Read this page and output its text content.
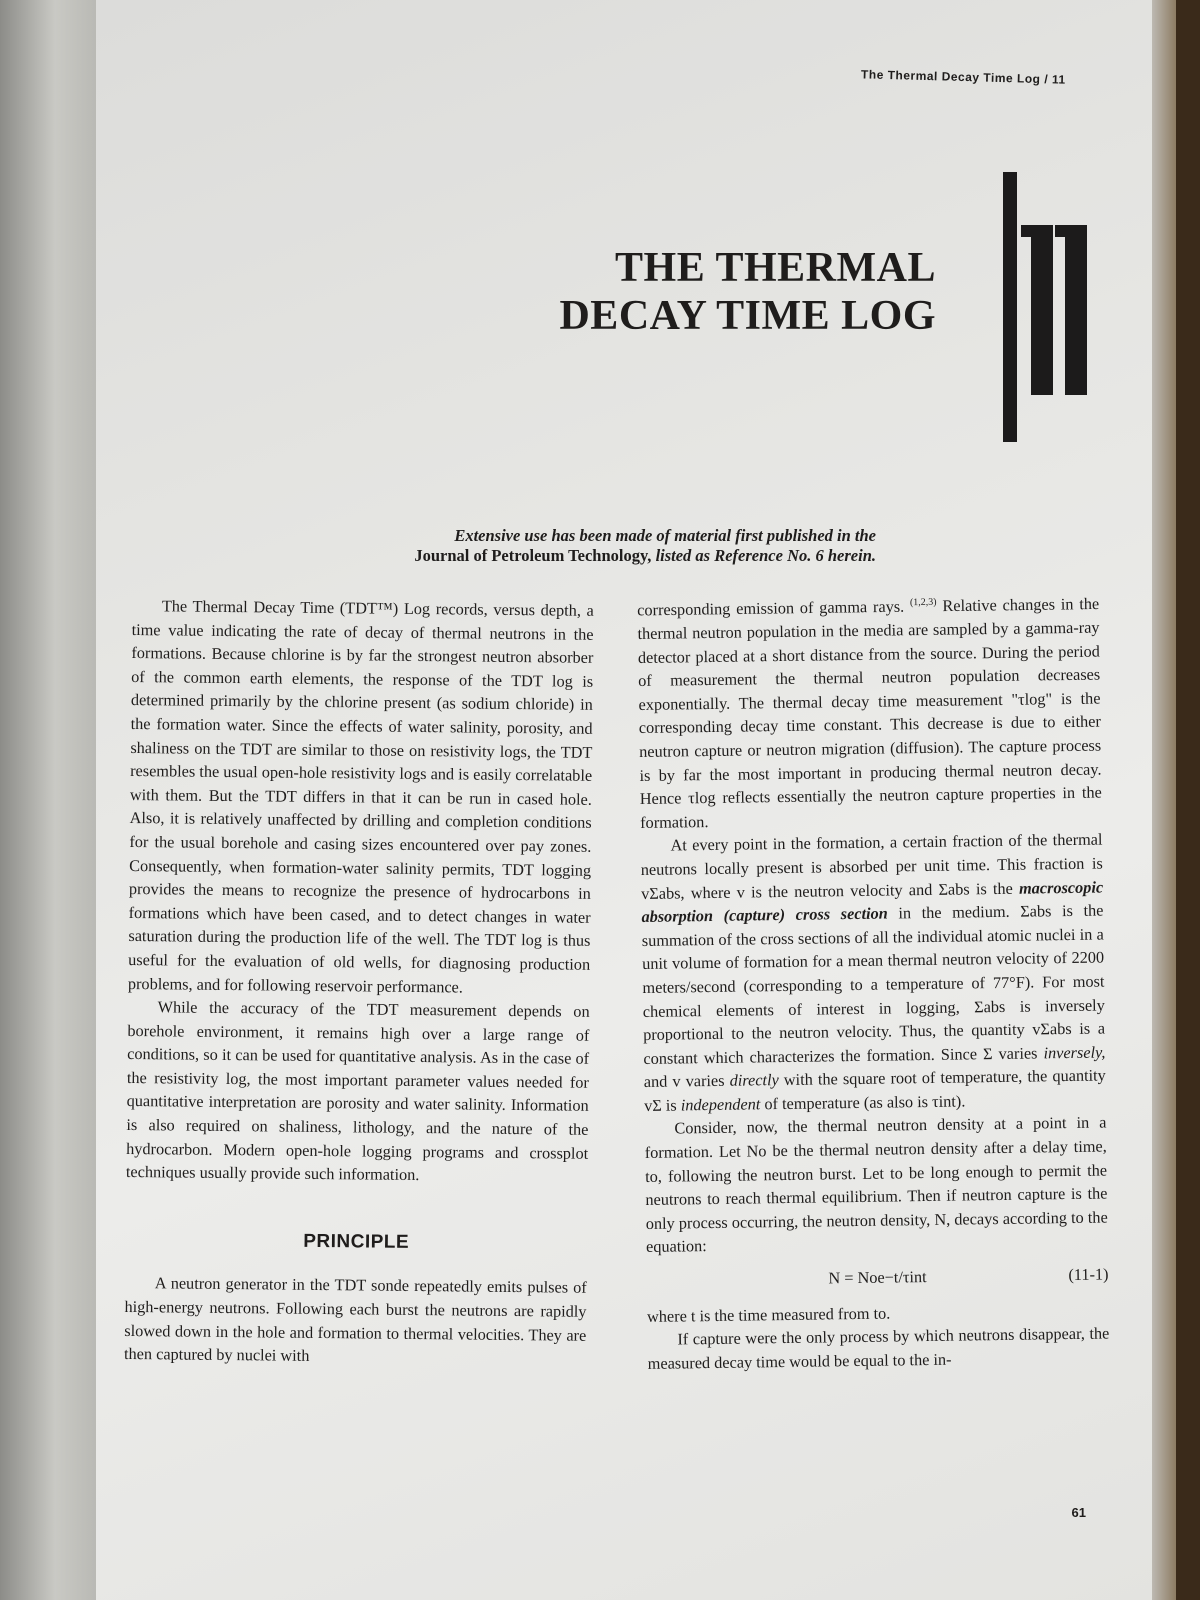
The Thermal Decay Time Log / 11
THE THERMAL
DECAY TIME LOG
Extensive use has been made of material first published in the
Journal of Petroleum Technology, listed as Reference No. 6 herein.

The Thermal Decay Time (TDT™) Log records, versus depth, a time value indicating the rate of decay of thermal neutrons in the formations. Because chlorine is by far the strongest neutron absorber of the common earth elements, the response of the TDT log is determined primarily by the chlorine present (as sodium chloride) in the formation water. Since the effects of water salinity, porosity, and shaliness on the TDT are similar to those on resistivity logs, the TDT resembles the usual open-hole resistivity logs and is easily correlatable with them. But the TDT differs in that it can be run in cased hole. Also, it is relatively unaffected by drilling and completion conditions for the usual borehole and casing sizes encountered over pay zones. Consequently, when formation-water salinity permits, TDT logging provides the means to recognize the presence of hydrocarbons in formations which have been cased, and to detect changes in water saturation during the production life of the well. The TDT log is thus useful for the evaluation of old wells, for diagnosing production problems, and for following reservoir performance.

While the accuracy of the TDT measurement depends on borehole environment, it remains high over a large range of conditions, so it can be used for quantitative analysis. As in the case of the resistivity log, the most important parameter values needed for quantitative interpretation are porosity and water salinity. Information is also required on shaliness, lithology, and the nature of the hydrocarbon. Modern open-hole logging programs and crossplot techniques usually provide such information.

PRINCIPLE

A neutron generator in the TDT sonde repeatedly emits pulses of high-energy neutrons. Following each burst the neutrons are rapidly slowed down in the hole and formation to thermal velocities. They are then captured by nuclei with

corresponding emission of gamma rays. $^{(1,2,3)}$ Relative changes in the thermal neutron population in the media are sampled by a gamma-ray detector placed at a short distance from the source. During the period of measurement the thermal neutron population decreases exponentially. The thermal decay time measurement "τlog" is the corresponding decay time constant. This decrease is due to either neutron capture or neutron migration (diffusion). The capture process is by far the most important in producing thermal neutron decay. Hence τlog reflects essentially the neutron capture properties in the formation.

At every point in the formation, a certain fraction of the thermal neutrons locally present is absorbed per unit time. This fraction is vΣabs, where v is the neutron velocity and Σabs is the macroscopic absorption (capture) cross section in the medium. Σabs is the summation of the cross sections of all the individual atomic nuclei in a unit volume of formation for a mean thermal neutron velocity of 2200 meters/second (corresponding to a temperature of 77°F). For most chemical elements of interest in logging, Σabs is inversely proportional to the neutron velocity. Thus, the quantity vΣabs is a constant which characterizes the formation. Since Σ varies inversely, and v varies directly with the square root of temperature, the quantity vΣ is independent of temperature (as also is τint).

Consider, now, the thermal neutron density at a point in a formation. Let No be the thermal neutron density after a delay time, to, following the neutron burst. Let to be long enough to permit the neutrons to reach thermal equilibrium. Then if neutron capture is the only process occurring, the neutron density, N, decays according to the equation:

N = Noe−t/τint	(11-1)

where t is the time measured from to.

If capture were the only process by which neutrons disappear, the measured decay time would be equal to the in-

61
